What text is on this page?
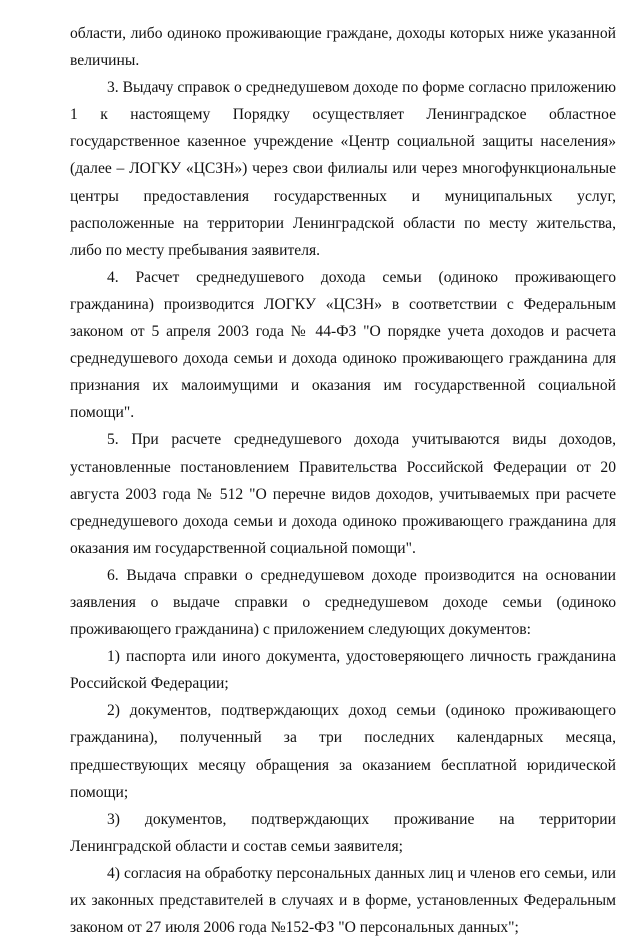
области, либо одиноко проживающие граждане, доходы которых ниже указанной величины.

3. Выдачу справок о среднедушевом доходе по форме согласно приложению 1 к настоящему Порядку осуществляет Ленинградское областное государственное казенное учреждение «Центр социальной защиты населения» (далее – ЛОГКУ «ЦСЗН») через свои филиалы или через многофункциональные центры предоставления государственных и муниципальных услуг, расположенные на территории Ленинградской области по месту жительства, либо по месту пребывания заявителя.

4. Расчет среднедушевого дохода семьи (одиноко проживающего гражданина) производится ЛОГКУ «ЦСЗН» в соответствии с Федеральным законом от 5 апреля 2003 года № 44-ФЗ "О порядке учета доходов и расчета среднедушевого дохода семьи и дохода одиноко проживающего гражданина для признания их малоимущими и оказания им государственной социальной помощи".

5. При расчете среднедушевого дохода учитываются виды доходов, установленные постановлением Правительства Российской Федерации от 20 августа 2003 года № 512 "О перечне видов доходов, учитываемых при расчете среднедушевого дохода семьи и дохода одиноко проживающего гражданина для оказания им государственной социальной помощи".

6. Выдача справки о среднедушевом доходе производится на основании заявления о выдаче справки о среднедушевом доходе семьи (одиноко проживающего гражданина) с приложением следующих документов:

1) паспорта или иного документа, удостоверяющего личность гражданина Российской Федерации;

2) документов, подтверждающих доход семьи (одиноко проживающего гражданина), полученный за три последних календарных месяца, предшествующих месяцу обращения за оказанием бесплатной юридической помощи;

3) документов, подтверждающих проживание на территории Ленинградской области и состав семьи заявителя;

4) согласия на обработку персональных данных лиц и членов его семьи, или их законных представителей в случаях и в форме, установленных Федеральным законом от 27 июля 2006 года №152-ФЗ "О персональных данных";
